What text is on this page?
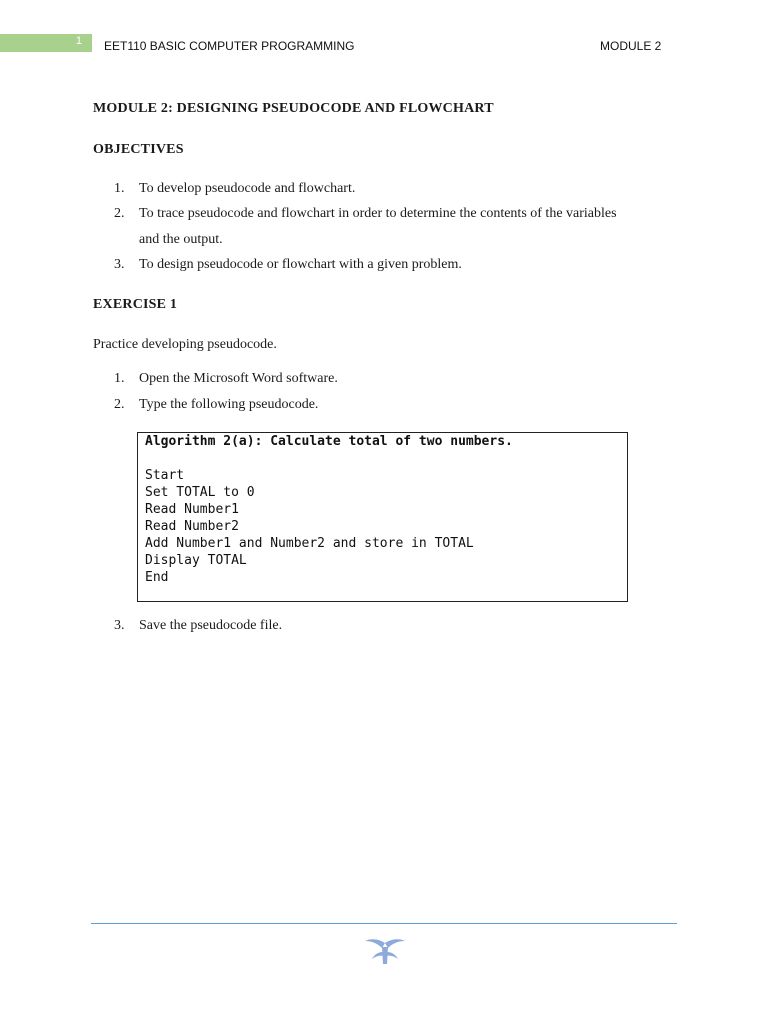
1 EET110 BASIC COMPUTER PROGRAMMING	MODULE 2
MODULE 2: DESIGNING PSEUDOCODE AND FLOWCHART
OBJECTIVES
1. To develop pseudocode and flowchart.
2. To trace pseudocode and flowchart in order to determine the contents of the variables
and the output.
3. To design pseudocode or flowchart with a given problem.
EXERCISE 1
Practice developing pseudocode.
1. Open the Microsoft Word software.
2. Type the following pseudocode.
Algorithm 2(a): Calculate total of two numbers.
Start
Set TOTAL to 0
Read Number1
Read Number2
Add Number1 and Number2 and store in TOTAL
Display TOTAL
End
3. Save the pseudocode file.
